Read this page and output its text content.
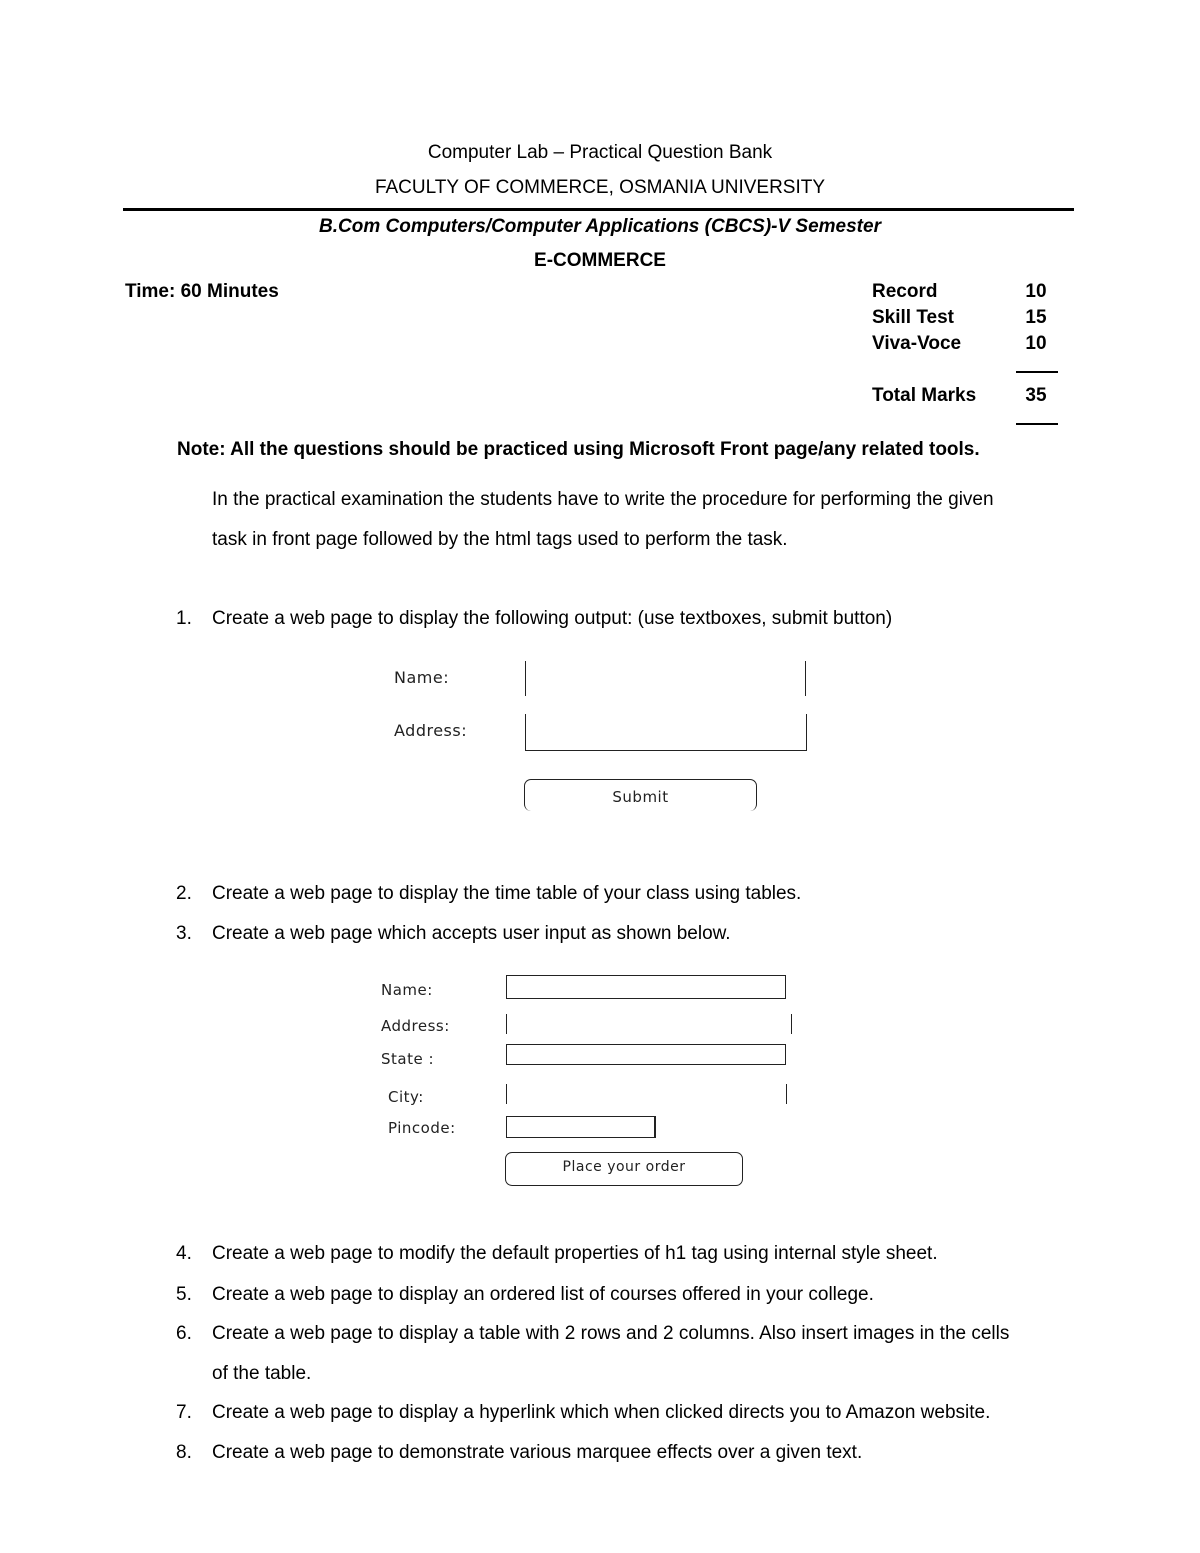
Computer Lab – Practical Question Bank
FACULTY OF COMMERCE, OSMANIA UNIVERSITY
B.Com Computers/Computer Applications (CBCS)-V Semester
E-COMMERCE
Time: 60 Minutes	Record	10
Skill Test	15
Viva-Voce	10
Total Marks	35
Note: All the questions should be practiced using Microsoft Front page/any related tools.
In the practical examination the students have to write the procedure for performing the given
task in front page followed by the html tags used to perform the task.
1. Create a web page to display the following output: (use textboxes, submit button)
Name:
Address:
Submit
2. Create a web page to display the time table of your class using tables.
3. Create a web page which accepts user input as shown below.
Name:
Address:
State :
City:
Pincode:
Place your order
4. Create a web page to modify the default properties of h1 tag using internal style sheet.
5. Create a web page to display an ordered list of courses offered in your college.
6. Create a web page to display a table with 2 rows and 2 columns. Also insert images in the cells
of the table.
7. Create a web page to display a hyperlink which when clicked directs you to Amazon website.
8. Create a web page to demonstrate various marquee effects over a given text.
